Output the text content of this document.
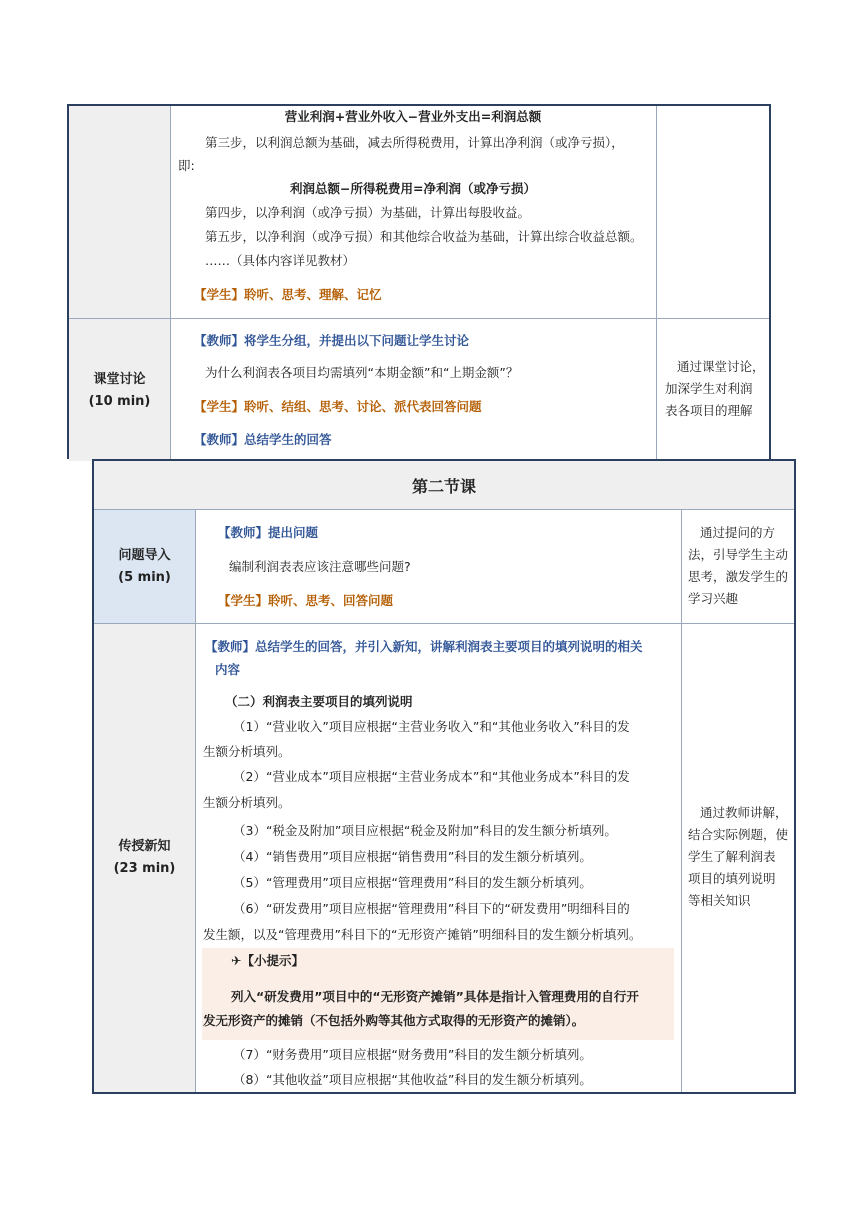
课堂讨论
(10 min)
营业利润+营业外收入−营业外支出=利润总额
第三步，以利润总额为基础，减去所得税费用，计算出净利润（或净亏损），
即:
利润总额−所得税费用=净利润（或净亏损）
第四步，以净利润（或净亏损）为基础，计算出每股收益。
第五步，以净利润（或净亏损）和其他综合收益为基础，计算出综合收益总额。
……（具体内容详见教材）
【学生】聆听、思考、理解、记忆
【教师】将学生分组，并提出以下问题让学生讨论
为什么利润表各项目均需填列“本期金额”和“上期金额”？
【学生】聆听、结组、思考、讨论、派代表回答问题
【教师】总结学生的回答
通过课堂讨论，
加深学生对利润
表各项目的理解
第二节课
问题导入
(5 min)
传授新知
(23 min)
【教师】提出问题
编制利润表表应该注意哪些问题?
【学生】聆听、思考、回答问题
通过提问的方
法，引导学生主动
思考，激发学生的
学习兴趣
【教师】总结学生的回答，并引入新知，讲解利润表主要项目的填列说明的相关
内容
（二）利润表主要项目的填列说明
（1）“营业收入”项目应根据“主营业务收入”和“其他业务收入”科目的发
生额分析填列。
（2）“营业成本”项目应根据“主营业务成本”和“其他业务成本”科目的发
生额分析填列。
（3）“税金及附加”项目应根据“税金及附加”科目的发生额分析填列。
（4）“销售费用”项目应根据“销售费用”科目的发生额分析填列。
（5）“管理费用”项目应根据“管理费用”科目的发生额分析填列。
（6）“研发费用”项目应根据“管理费用”科目下的“研发费用”明细科目的
发生额，以及“管理费用”科目下的“无形资产摊销”明细科目的发生额分析填列。
✈【小提示】
列入“研发费用”项目中的“无形资产摊销”具体是指计入管理费用的自行开
发无形资产的摊销（不包括外购等其他方式取得的无形资产的摊销）。
（7）“财务费用”项目应根据“财务费用”科目的发生额分析填列。
（8）“其他收益”项目应根据“其他收益”科目的发生额分析填列。
通过教师讲解，
结合实际例题，使
学生了解利润表
项目的填列说明
等相关知识
